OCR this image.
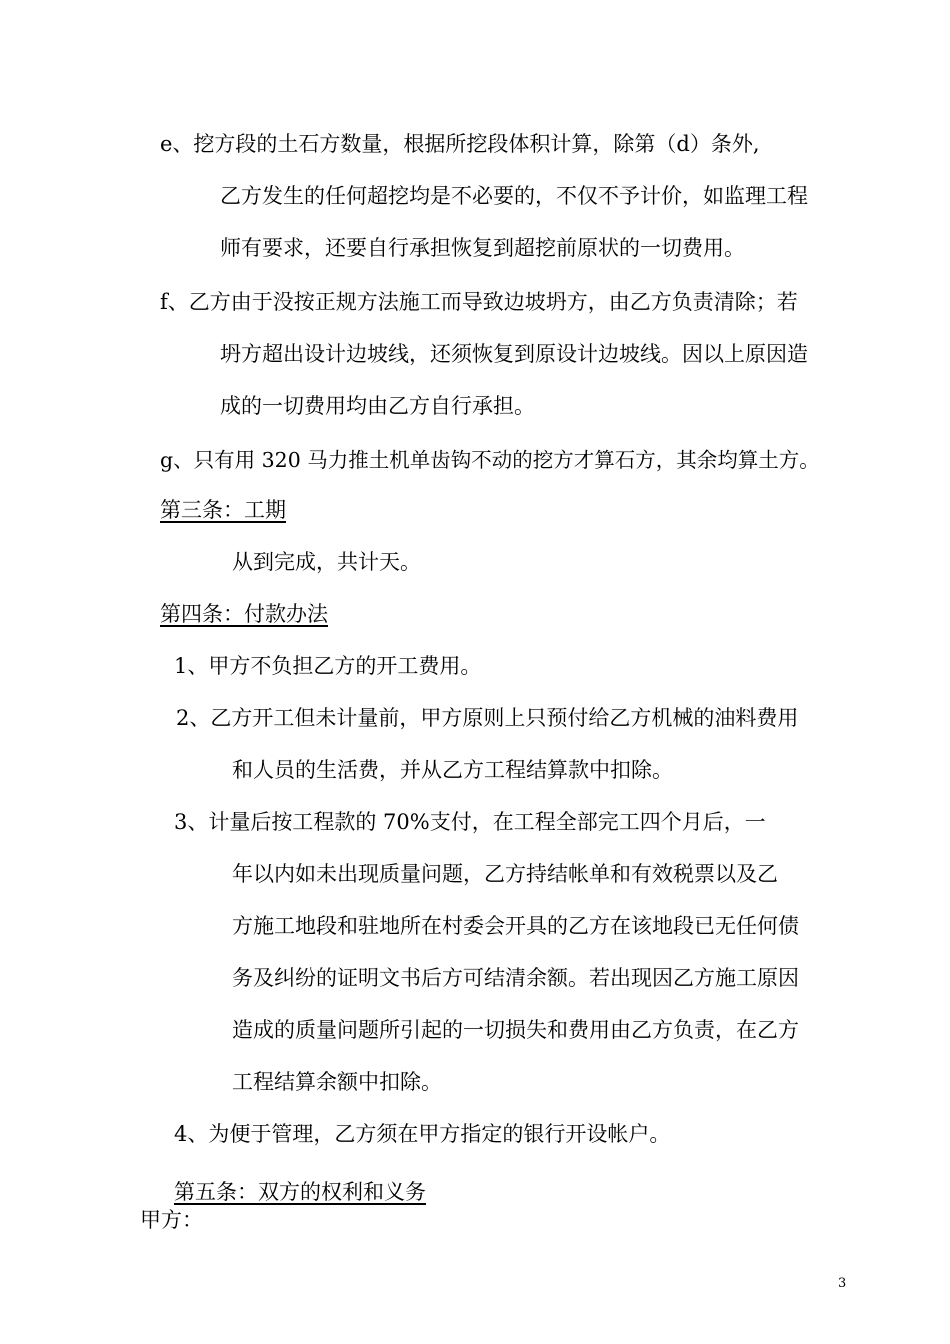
e、挖方段的土石方数量，根据所挖段体积计算，除第（d）条外,
乙方发生的任何超挖均是不必要的，不仅不予计价，如监理工程
师有要求，还要自行承担恢复到超挖前原状的一切费用。
f、乙方由于没按正规方法施工而导致边坡坍方，由乙方负责清除；若
坍方超出设计边坡线，还须恢复到原设计边坡线。因以上原因造
成的一切费用均由乙方自行承担。
g、只有用 320 马力推土机单齿钩不动的挖方才算石方，其余均算土方。
第三条：工期
从到完成，共计天。
第四条：付款办法
1、甲方不负担乙方的开工费用。
2、乙方开工但未计量前，甲方原则上只预付给乙方机械的油料费用
和人员的生活费，并从乙方工程结算款中扣除。
3、计量后按工程款的 70%支付，在工程全部完工四个月后，一
年以内如未出现质量问题，乙方持结帐单和有效税票以及乙
方施工地段和驻地所在村委会开具的乙方在该地段已无任何债
务及纠纷的证明文书后方可结清余额。若出现因乙方施工原因
造成的质量问题所引起的一切损失和费用由乙方负责，在乙方
工程结算余额中扣除。
4、为便于管理，乙方须在甲方指定的银行开设帐户。
第五条：双方的权利和义务
甲方：
3
